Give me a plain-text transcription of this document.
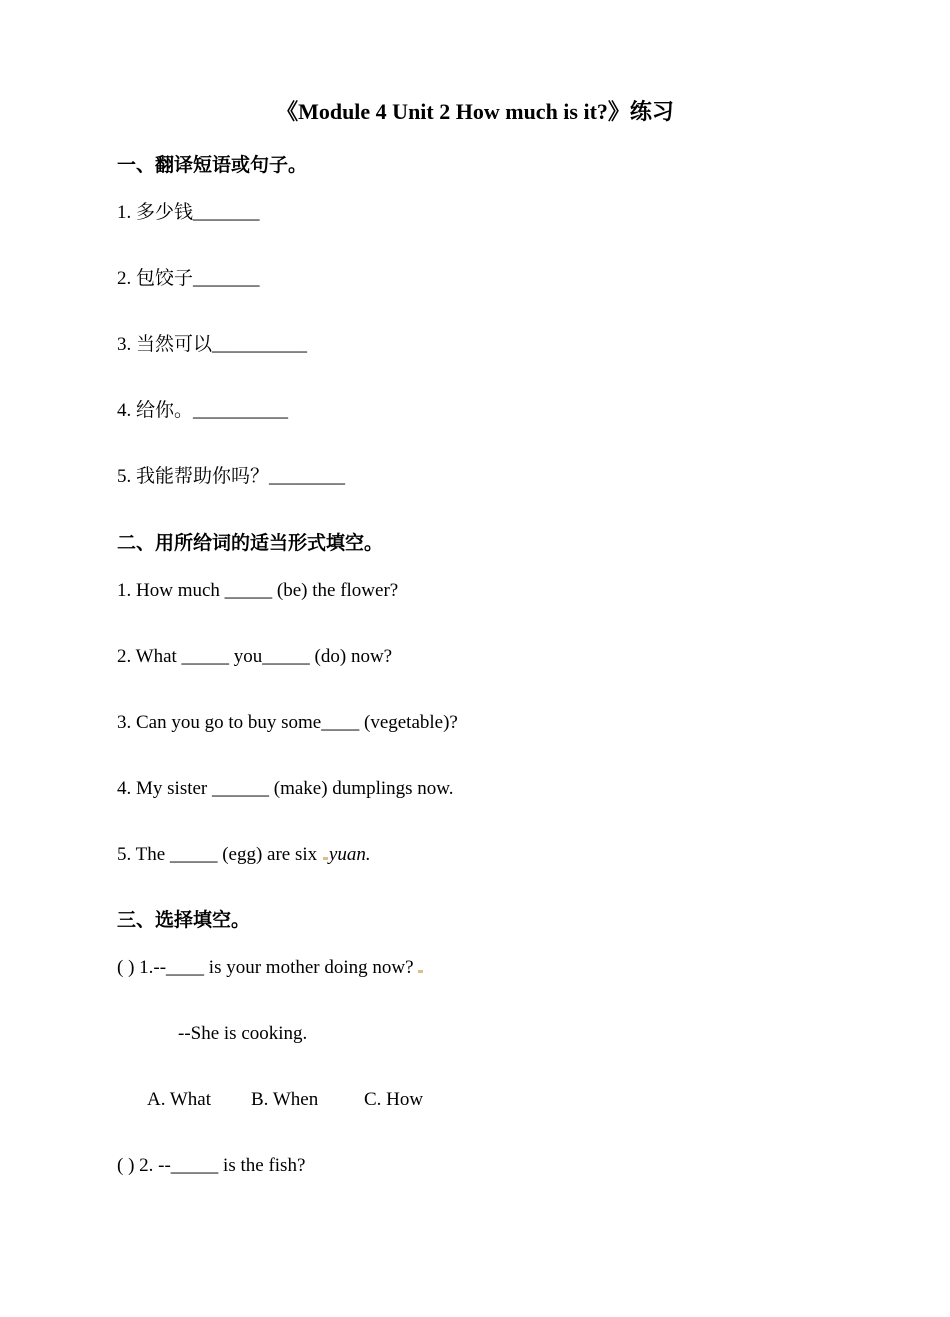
《Module 4 Unit 2 How much is it?》练习
一、翻译短语或句子。
1. 多少钱_______
2. 包饺子_______
3. 当然可以__________
4. 给你。__________
5. 我能帮助你吗？________
二、用所给词的适当形式填空。
1. How much _____ (be) the flower?
2. What _____ you_____ (do) now?
3. Can you go to buy some____ (vegetable)?
4. My sister ______ (make) dumplings now.
5. The _____ (egg) are six yuan.
三、选择填空。
( ) 1.--____ is your mother doing now?
--She is cooking.
A. What B. When C. How
( ) 2. --_____ is the fish?
